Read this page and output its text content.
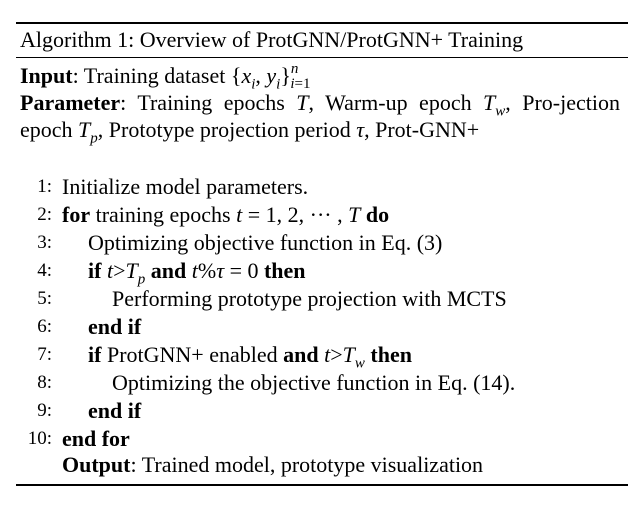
Algorithm 1: Overview of ProtGNN/ProtGNN+ Training

Input: Training dataset {$x_i$, $y_i\}^n_{i=1}$

Parameter: Training epochs T, Warm-up epoch $T_w$, Pro-jection epoch $T_p$, Prototype projection period τ, Prot-GNN+

1: Initialize model parameters.
2: for training epochs t = 1, 2, ··· , T do
3: Optimizing objective function in Eq. (3)
4: if $t>T_p$ and t%τ = 0 then
5:	Performing prototype projection with MCTS
6: end if
7: if ProtGNN+ enabled and $t>T_w$ then
8:	Optimizing the objective function in Eq. (14).
9: end if
10: end for
Output: Trained model, prototype visualization
